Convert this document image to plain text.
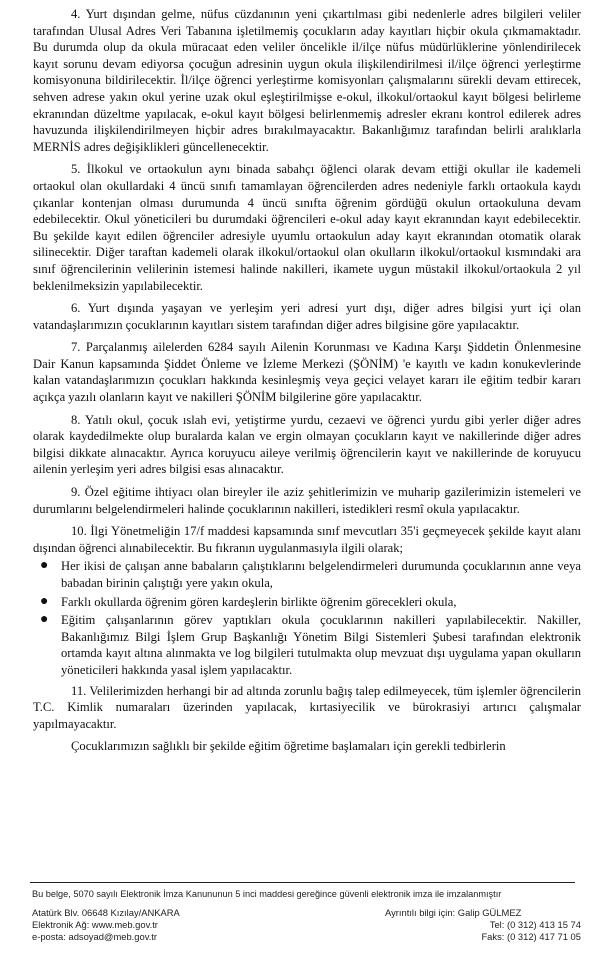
4. Yurt dışından gelme, nüfus cüzdanının yeni çıkartılması gibi nedenlerle adres bilgileri veliler tarafından Ulusal Adres Veri Tabanına işletilmemiş çocukların aday kayıtları hiçbir okula çıkmamaktadır. Bu durumda olup da okula müracaat eden veliler öncelikle il/ilçe nüfus müdürlüklerine yönlendirilecek kayıt sorunu devam ediyorsa çocuğun adresinin uygun okula ilişkilendirilmesi il/ilçe öğrenci yerleştirme komisyonuna bildirilecektir. İl/ilçe öğrenci yerleştirme komisyonları çalışmalarını sürekli devam ettirecek, sehven adrese yakın okul yerine uzak okul eşleştirilmişse e-okul, ilkokul/ortaokul kayıt bölgesi belirleme ekranından düzeltme yapılacak, e-okul kayıt bölgesi belirlenmemiş adresler ekranı kontrol edilerek adres havuzunda ilişkilendirilmeyen hiçbir adres bırakılmayacaktır. Bakanlığımız tarafından belirli aralıklarla MERNİS adres değişiklikleri güncellenecektir.

5. İlkokul ve ortaokulun aynı binada sabahçı öğlenci olarak devam ettiği okullar ile kademeli ortaokul olan okullardaki 4 üncü sınıfı tamamlayan öğrencilerden adres nedeniyle farklı ortaokula kaydı çıkanlar kontenjan olması durumunda 4 üncü sınıfta öğrenim gördüğü okulun ortaokuluna devam edebilecektir. Okul yöneticileri bu durumdaki öğrencileri e-okul aday kayıt ekranından kayıt edebilecektir. Bu şekilde kayıt edilen öğrenciler adresiyle uyumlu ortaokulun aday kayıt ekranından otomatik olarak silinecektir. Diğer taraftan kademeli olarak ilkokul/ortaokul olan okulların ilkokul/ortaokul kısmındaki ara sınıf öğrencilerinin velilerinin istemesi halinde nakilleri, ikamete uygun müstakil ilkokul/ortaokula 2 yıl beklenilmeksizin yapılabilecektir.

6. Yurt dışında yaşayan ve yerleşim yeri adresi yurt dışı, diğer adres bilgisi yurt içi olan vatandaşlarımızın çocuklarının kayıtları sistem tarafından diğer adres bilgisine göre yapılacaktır.

7. Parçalanmış ailelerden 6284 sayılı Ailenin Korunması ve Kadına Karşı Şiddetin Önlenmesine Dair Kanun kapsamında Şiddet Önleme ve İzleme Merkezi (ŞÖNİM) 'e kayıtlı ve kadın konukevlerinde kalan vatandaşlarımızın çocukları hakkında kesinleşmiş veya geçici velayet kararı ile eğitim tedbir kararı açıkça yazılı olanların kayıt ve nakilleri ŞÖNİM bilgilerine göre yapılacaktır.

8. Yatılı okul, çocuk ıslah evi, yetiştirme yurdu, cezaevi ve öğrenci yurdu gibi yerler diğer adres olarak kaydedilmekte olup buralarda kalan ve ergin olmayan çocukların kayıt ve nakillerinde diğer adres bilgisi dikkate alınacaktır. Ayrıca koruyucu aileye verilmiş öğrencilerin kayıt ve nakillerinde de koruyucu ailenin yerleşim yeri adres bilgisi esas alınacaktır.

9. Özel eğitime ihtiyacı olan bireyler ile aziz şehitlerimizin ve muharip gazilerimizin istemeleri ve durumlarını belgelendirmeleri halinde çocuklarının nakilleri, istedikleri resmî okula yapılacaktır.

10. İlgi Yönetmeliğin 17/f maddesi kapsamında sınıf mevcutları 35'i geçmeyecek şekilde kayıt alanı dışından öğrenci alınabilecektir. Bu fıkranın uygulanmasıyla ilgili olarak;

● Her ikisi de çalışan anne babaların çalıştıklarını belgelendirmeleri durumunda çocuklarının anne veya babadan birinin çalıştığı yere yakın okula,
● Farklı okullarda öğrenim gören kardeşlerin birlikte öğrenim görecekleri okula,
● Eğitim çalışanlarının görev yaptıkları okula çocuklarının nakilleri yapılabilecektir. Nakiller, Bakanlığımız Bilgi İşlem Grup Başkanlığı Yönetim Bilgi Sistemleri Şubesi tarafından elektronik ortamda kayıt altına alınmakta ve log bilgileri tutulmakta olup mevzuat dışı uygulama yapan okulların yöneticileri hakkında yasal işlem yapılacaktır.

11. Velilerimizden herhangi bir ad altında zorunlu bağış talep edilmeyecek, tüm işlemler öğrencilerin T.C. Kimlik numaraları üzerinden yapılacak, kırtasiyecilik ve bürokrasiyi artırıcı çalışmalar yapılmayacaktır.

Çocuklarımızın sağlıklı bir şekilde eğitim öğretime başlamaları için gerekli tedbirlerin

Bu belge, 5070 sayılı Elektronik İmza Kanununun 5 inci maddesi gereğince güvenli elektronik imza ile imzalanmıştır
Atatürk Blv. 06648 Kızılay/ANKARA
Elektronik Ağ: www.meb.gov.tr
e-posta: adsoyad@meb.gov.tr
Ayrıntılı bilgi için: Galip GÜLMEZ
Tel: (0 312) 413 15 74
Faks: (0 312) 417 71 05
